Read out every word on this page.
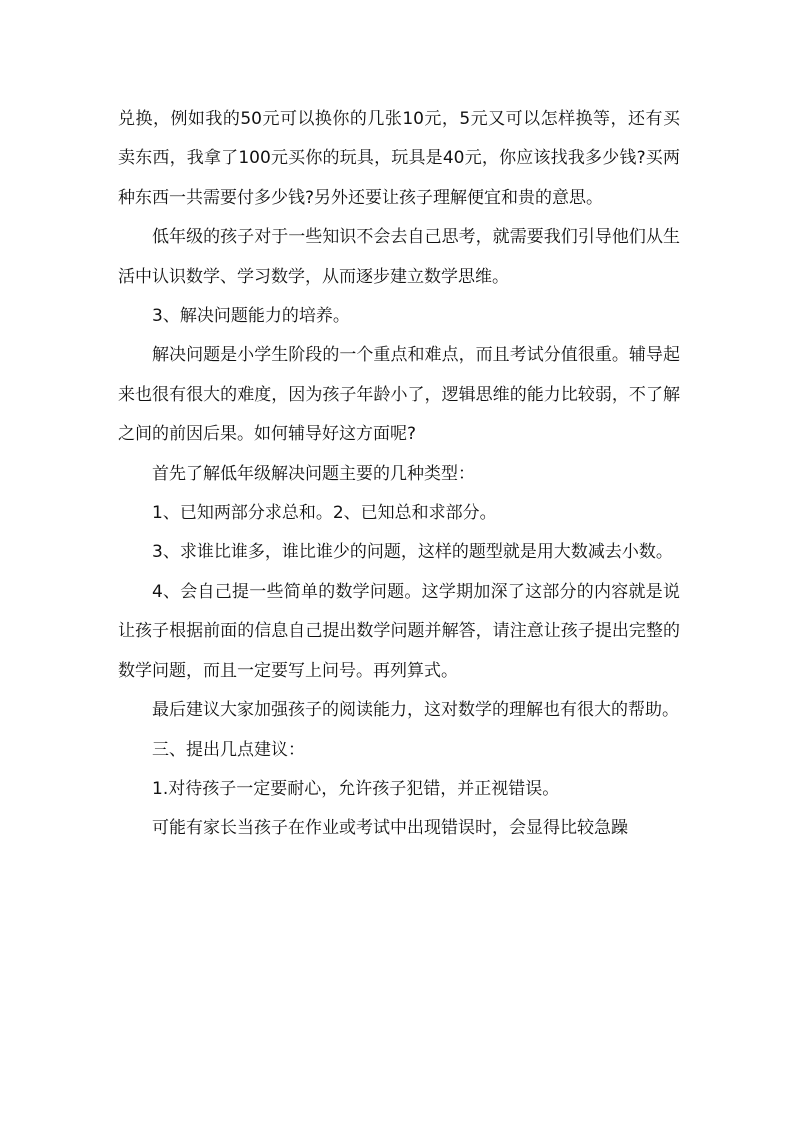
兑换，例如我的50元可以换你的几张10元，5元又可以怎样换等，还有买卖东西，我拿了100元买你的玩具，玩具是40元，你应该找我多少钱?买两种东西一共需要付多少钱?另外还要让孩子理解便宜和贵的意思。

低年级的孩子对于一些知识不会去自己思考，就需要我们引导他们从生活中认识数学、学习数学，从而逐步建立数学思维。

3、解决问题能力的培养。

解决问题是小学生阶段的一个重点和难点，而且考试分值很重。辅导起来也很有很大的难度，因为孩子年龄小了，逻辑思维的能力比较弱，不了解之间的前因后果。如何辅导好这方面呢?

首先了解低年级解决问题主要的几种类型：

1、已知两部分求总和。2、已知总和求部分。

3、求谁比谁多，谁比谁少的问题，这样的题型就是用大数减去小数。

4、会自己提一些简单的数学问题。这学期加深了这部分的内容就是说让孩子根据前面的信息自己提出数学问题并解答，请注意让孩子提出完整的数学问题，而且一定要写上问号。再列算式。

最后建议大家加强孩子的阅读能力，这对数学的理解也有很大的帮助。

三、提出几点建议：

1.对待孩子一定要耐心，允许孩子犯错，并正视错误。

可能有家长当孩子在作业或考试中出现错误时，会显得比较急躁
